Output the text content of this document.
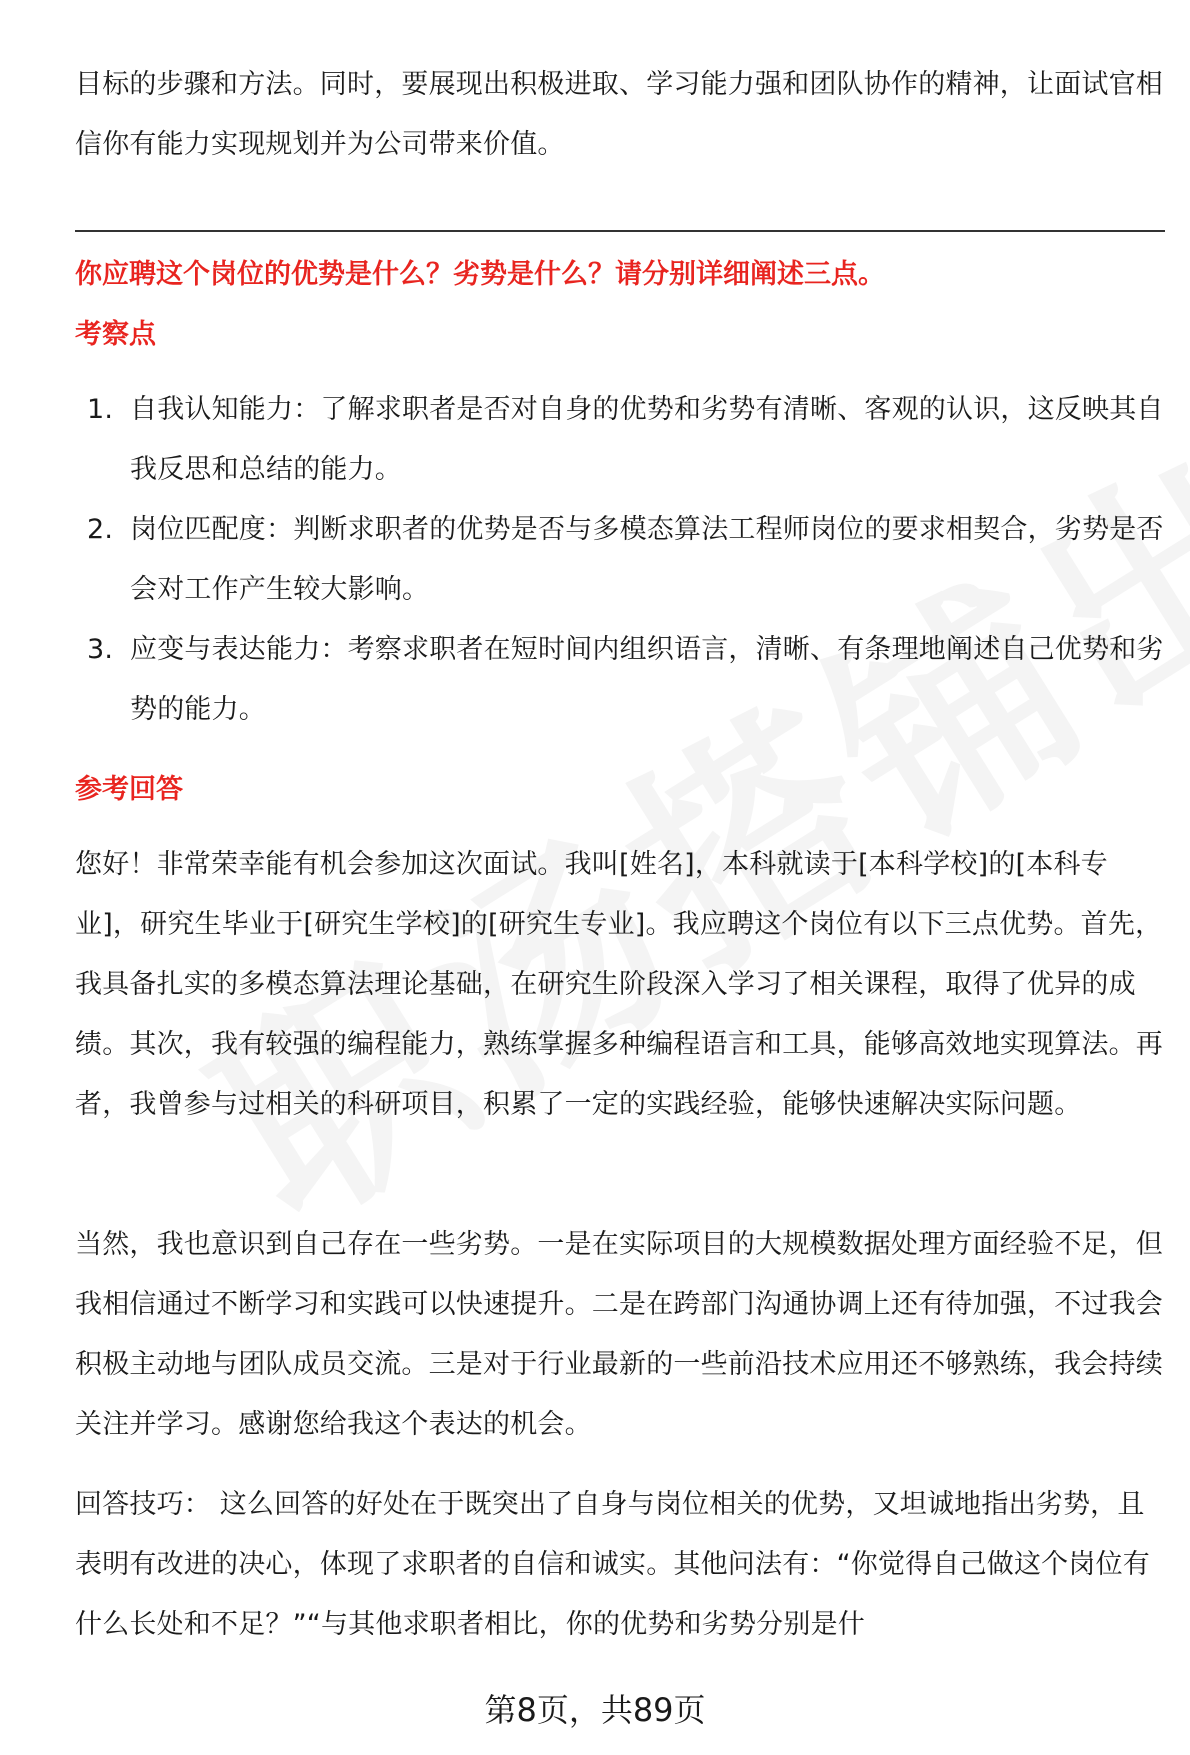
目标的步骤和方法。同时，要展现出积极进取、学习能力强和团队协作的精神，让面试官相信你有能力实现规划并为公司带来价值。

你应聘这个岗位的优势是什么？劣势是什么？请分别详细阐述三点。

考察点

1. 自我认知能力：了解求职者是否对自身的优势和劣势有清晰、客观的认识，这反映其自我反思和总结的能力。
2. 岗位匹配度：判断求职者的优势是否与多模态算法工程师岗位的要求相契合，劣势是否会对工作产生较大影响。
3. 应变与表达能力：考察求职者在短时间内组织语言，清晰、有条理地阐述自己优势和劣势的能力。

参考回答

您好！非常荣幸能有机会参加这次面试。我叫[姓名]，本科就读于[本科学校]的[本科专业]，研究生毕业于[研究生学校]的[研究生专业]。我应聘这个岗位有以下三点优势。首先，我具备扎实的多模态算法理论基础，在研究生阶段深入学习了相关课程，取得了优异的成绩。其次，我有较强的编程能力，熟练掌握多种编程语言和工具，能够高效地实现算法。再者，我曾参与过相关的科研项目，积累了一定的实践经验，能够快速解决实际问题。

当然，我也意识到自己存在一些劣势。一是在实际项目的大规模数据处理方面经验不足，但我相信通过不断学习和实践可以快速提升。二是在跨部门沟通协调上还有待加强，不过我会积极主动地与团队成员交流。三是对于行业最新的一些前沿技术应用还不够熟练，我会持续关注并学习。感谢您给我这个表达的机会。

回答技巧： 这么回答的好处在于既突出了自身与岗位相关的优势，又坦诚地指出劣势，且表明有改进的决心，体现了求职者的自信和诚实。其他问法有：“你觉得自己做这个岗位有什么长处和不足？”“与其他求职者相比，你的优势和劣势分别是什

第8页，共89页
